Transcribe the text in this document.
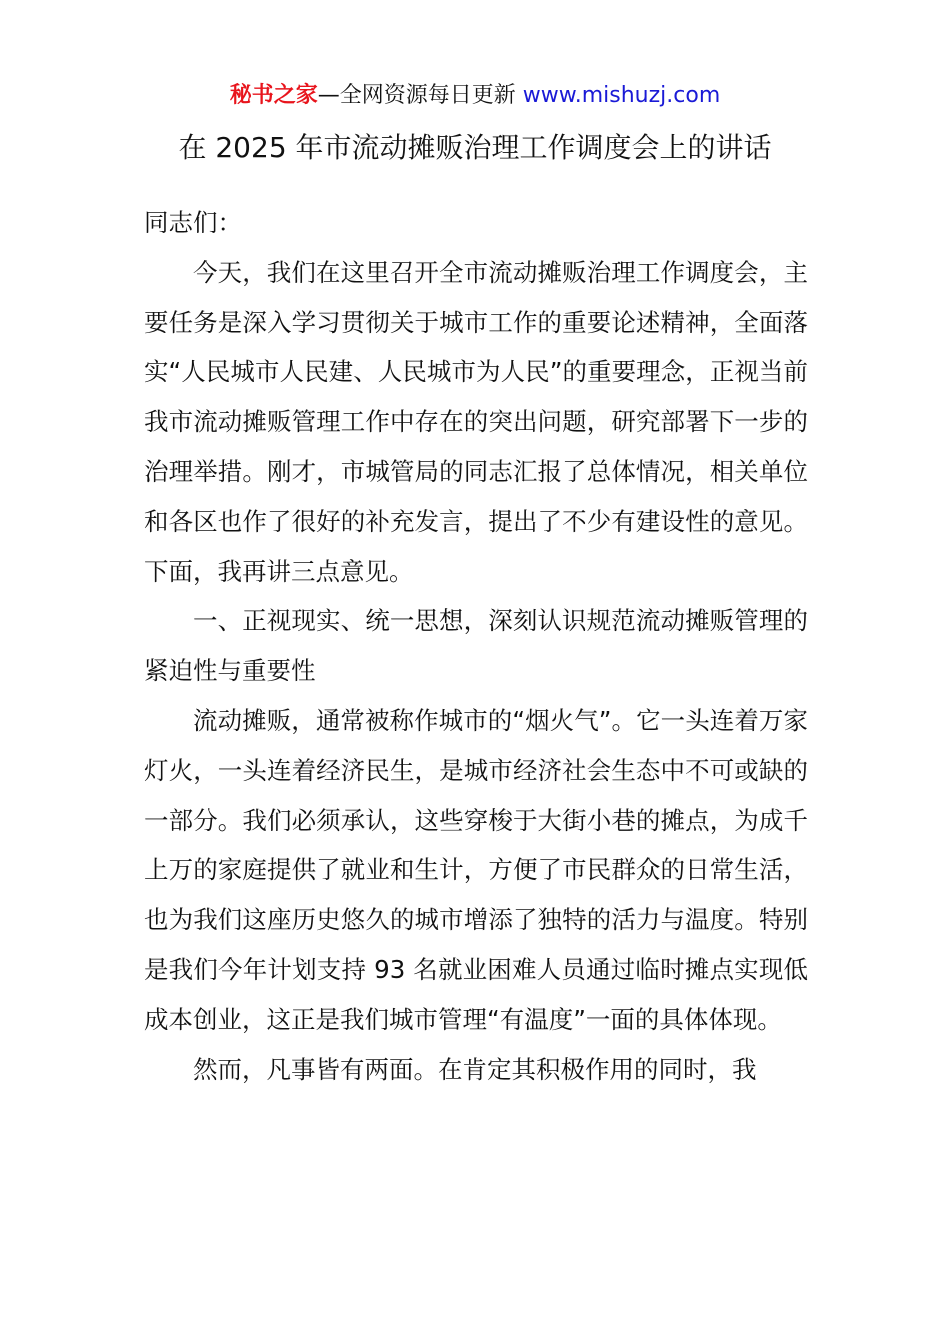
秘书之家—全网资源每日更新 www.mishuzj.com
在 2025 年市流动摊贩治理工作调度会上的讲话

同志们：

今天，我们在这里召开全市流动摊贩治理工作调度会，主要任务是深入学习贯彻关于城市工作的重要论述精神，全面落实“人民城市人民建、人民城市为人民”的重要理念，正视当前我市流动摊贩管理工作中存在的突出问题，研究部署下一步的治理举措。刚才，市城管局的同志汇报了总体情况，相关单位和各区也作了很好的补充发言，提出了不少有建设性的意见。下面，我再讲三点意见。

一、正视现实、统一思想，深刻认识规范流动摊贩管理的紧迫性与重要性

流动摊贩，通常被称作城市的“烟火气”。它一头连着万家灯火，一头连着经济民生，是城市经济社会生态中不可或缺的一部分。我们必须承认，这些穿梭于大街小巷的摊点，为成千上万的家庭提供了就业和生计，方便了市民群众的日常生活，也为我们这座历史悠久的城市增添了独特的活力与温度。特别是我们今年计划支持 93 名就业困难人员通过临时摊点实现低成本创业，这正是我们城市管理“有温度”一面的具体体现。

然而，凡事皆有两面。在肯定其积极作用的同时，我
